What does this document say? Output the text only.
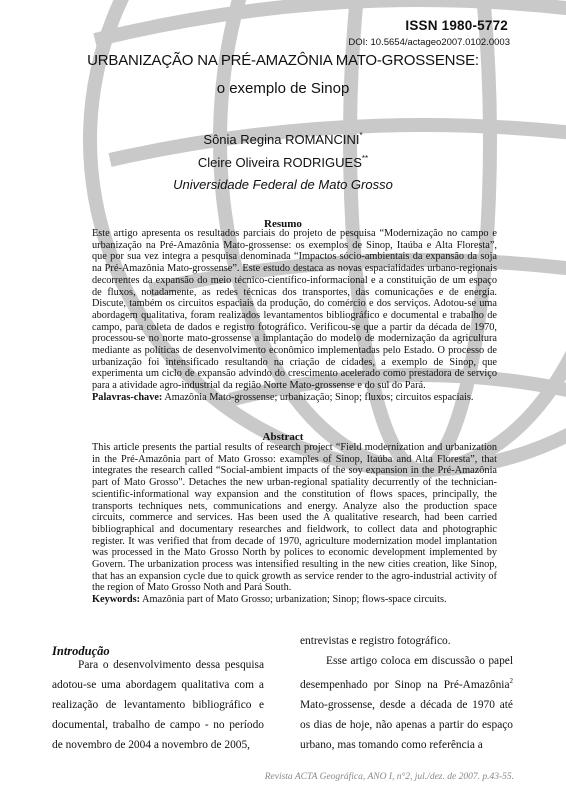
ISSN 1980-5772
DOI: 10.5654/actageo2007.0102.0003
URBANIZAÇÃO NA PRÉ-AMAZÔNIA MATO-GROSSENSE:
o exemplo de Sinop
Sônia Regina ROMANCINI*
Cleire Oliveira RODRIGUES**
Universidade Federal de Mato Grosso
Resumo
Este artigo apresenta os resultados parciais do projeto de pesquisa “Modernização no campo e urbanização na Pré-Amazônia Mato-grossense: os exemplos de Sinop, Itaúba e Alta Floresta”, que por sua vez integra a pesquisa denominada “Impactos sócio-ambientais da expansão da soja na Pré-Amazônia Mato-grossense”. Este estudo destaca as novas espacialidades urbano-regionais decorrentes da expansão do meio técnico-científico-informacional e a constituição de um espaço de fluxos, notadamente, as redes técnicas dos transportes, das comunicações e de energia. Discute, também os circuitos espaciais da produção, do comércio e dos serviços. Adotou-se uma abordagem qualitativa, foram realizados levantamentos bibliográfico e documental e trabalho de campo, para coleta de dados e registro fotográfico. Verificou-se que a partir da década de 1970, processou-se no norte mato-grossense a implantação do modelo de modernização da agricultura mediante as políticas de desenvolvimento econômico implementadas pelo Estado. O processo de urbanização foi intensificado resultando na criação de cidades, a exemplo de Sinop, que experimenta um ciclo de expansão advindo do crescimento acelerado como prestadora de serviço para a atividade agro-industrial da região Norte Mato-grossense e do sul do Pará.
Palavras-chave: Amazônia Mato-grossense; urbanização; Sinop; fluxos; circuitos espaciais.
Abstract
This article presents the partial results of research project “Field modernization and urbanization in the Pré-Amazônia part of Mato Grosso: examples of Sinop, Itaúba and Alta Floresta”, that integrates the research called “Social-ambient impacts of the soy expansion in the Pré-Amazônia part of Mato Grosso". Detaches the new urban-regional spatiality decurrently of the technician-scientific-informational way expansion and the constitution of flows spaces, principally, the transports techniques nets, communications and energy. Analyze also the production space circuits, commerce and services. Has been used the A qualitative research, had been carried bibliographical and documentary researches and fieldwork, to collect data and photographic register. It was verified that from decade of 1970, agriculture modernization model implantation was processed in the Mato Grosso North by polices to economic development implemented by Govern. The urbanization process was intensified resulting in the new cities creation, like Sinop, that has an expansion cycle due to quick growth as service render to the agro-industrial activity of the region of Mato Grosso Noth and Pará South.
Keywords: Amazônia part of Mato Grosso; urbanization; Sinop; flows-space circuits.
Introdução

Para o desenvolvimento dessa pesquisa adotou-se uma abordagem qualitativa com a realização de levantamento bibliográfico e documental, trabalho de campo - no período de novembro de 2004 a novembro de 2005,

entrevistas e registro fotográfico.

Esse artigo coloca em discussão o papel desempenhado por Sinop na Pré-Amazônia$^2$ Mato-grossense, desde a década de 1970 até os dias de hoje, não apenas a partir do espaço urbano, mas tomando como referência a

Revista ACTA Geográfica, ANO I, n°2, jul./dez. de 2007. p.43-55.
